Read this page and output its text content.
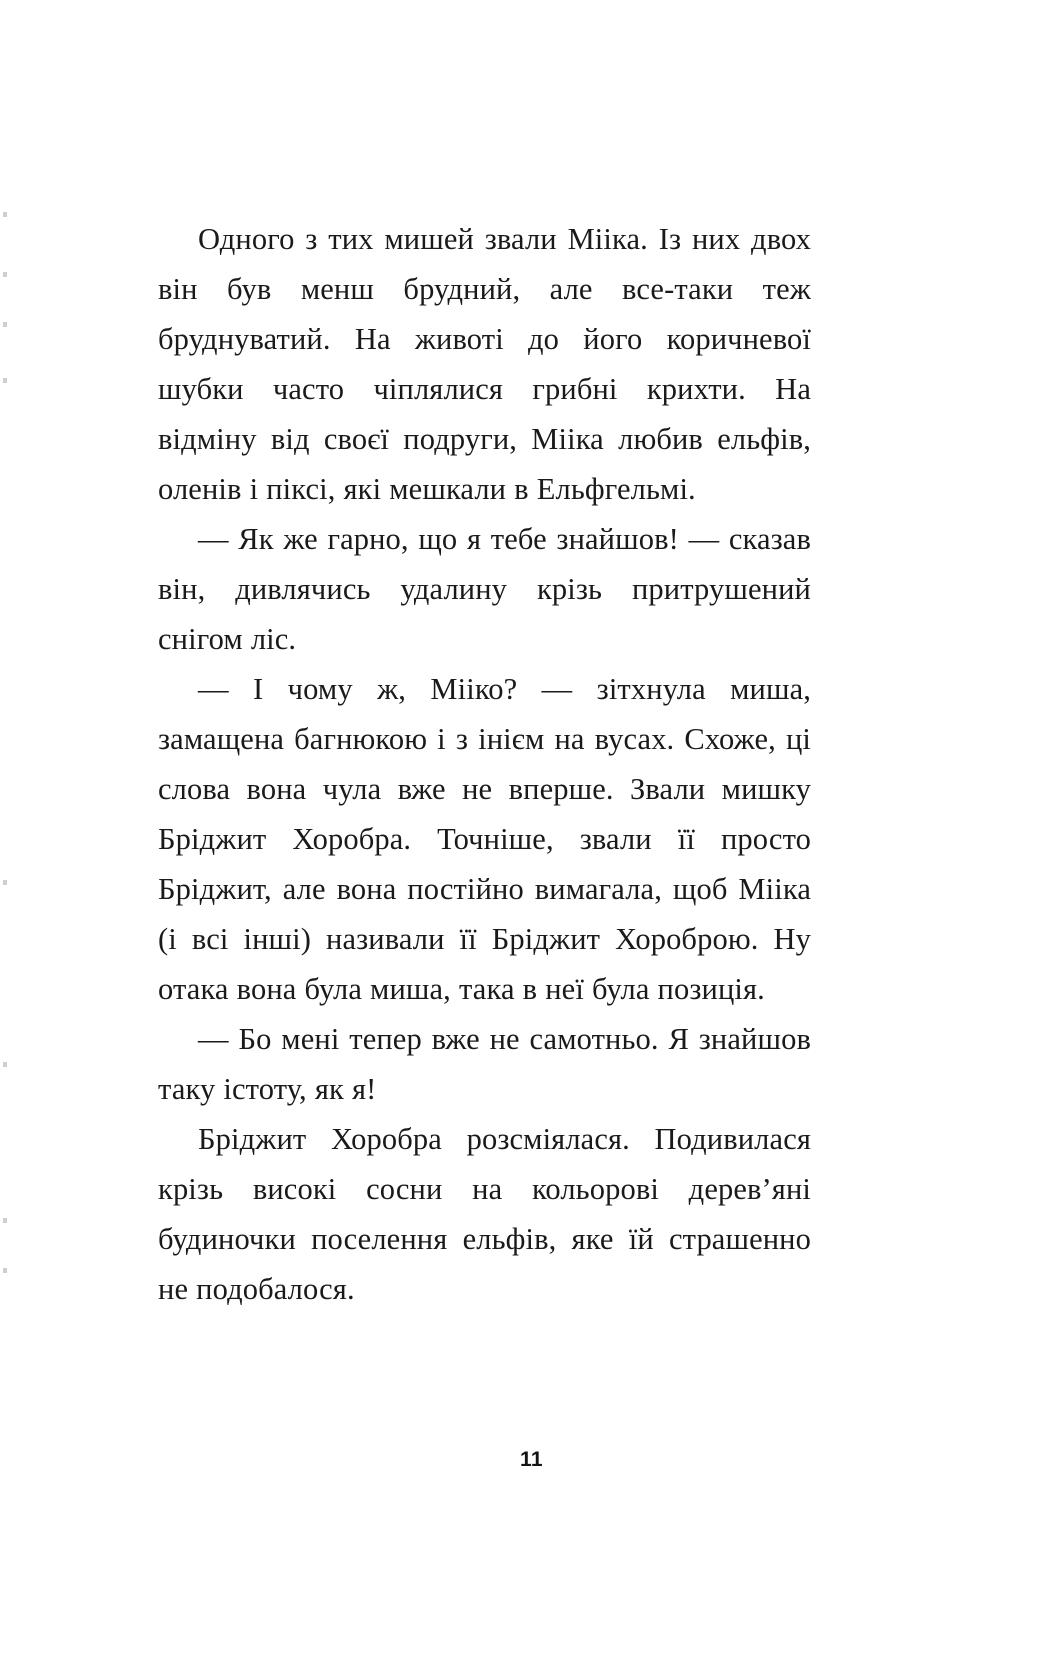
Одного з тих мишей звали Мііка. Із них двох він був менш брудний, але все-таки теж бруднуватий. На животі до його коричневої шубки часто чіплялися грибні крихти. На відміну від своєї подруги, Мііка любив ельфів, оленів і піксі, які мешкали в Ельфгельмі.

— Як же гарно, що я тебе знайшов! — сказав він, дивлячись удалину крізь притрушений снігом ліс.

— І чому ж, Мііко? — зітхнула миша, замащена багнюкою і з інієм на вусах. Схоже, ці слова вона чула вже не вперше. Звали мишку Бріджит Хоробра. Точніше, звали її просто Бріджит, але вона постійно вимагала, щоб Мііка (і всі інші) називали її Бріджит Хороброю. Ну отака вона була миша, така в неї була позиція.

— Бо мені тепер вже не самотньо. Я знайшов таку істоту, як я!

Бріджит Хоробра розсміялася. Подивилася крізь високі сосни на кольорові дерев’яні будиночки поселення ельфів, яке їй страшенно не подобалося.

11
